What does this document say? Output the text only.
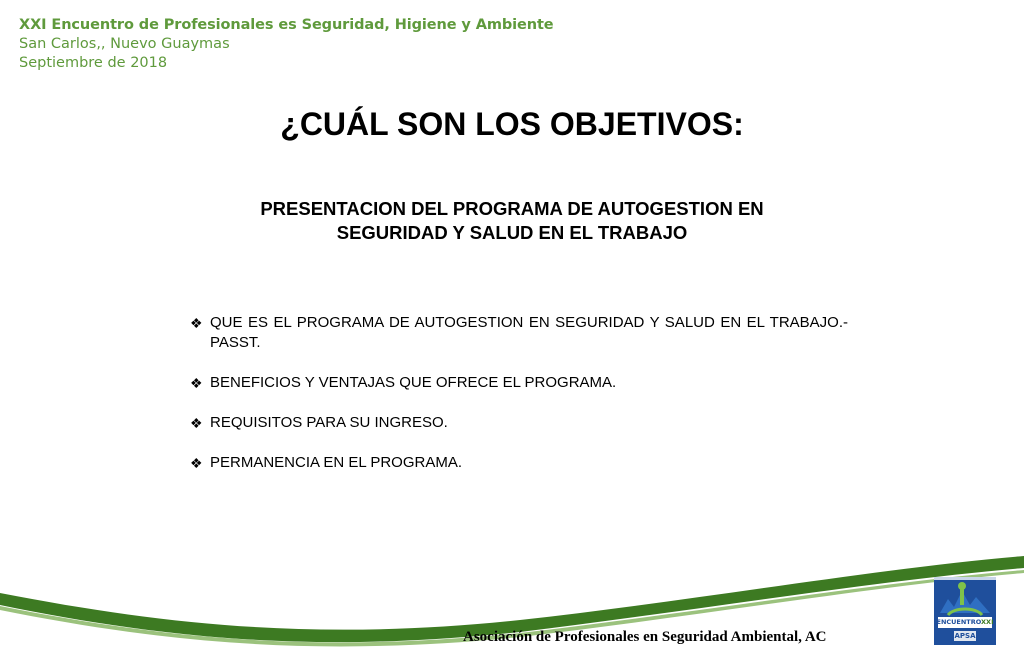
XXI Encuentro de Profesionales es Seguridad, Higiene y Ambiente
San Carlos,, Nuevo Guaymas
Septiembre de 2018
¿CUÁL SON LOS OBJETIVOS:
PRESENTACION DEL PROGRAMA DE AUTOGESTION EN
SEGURIDAD Y SALUD EN EL TRABAJO
❖ QUE ES EL PROGRAMA DE AUTOGESTION EN SEGURIDAD Y SALUD EN EL TRABAJO.- PASST.
❖ BENEFICIOS Y VENTAJAS QUE OFRECE EL PROGRAMA.
❖ REQUISITOS PARA SU INGRESO.
❖ PERMANENCIA EN EL PROGRAMA.
Asociación de Profesionales en Seguridad Ambiental, AC
ENCUENTROXXI
APSA
